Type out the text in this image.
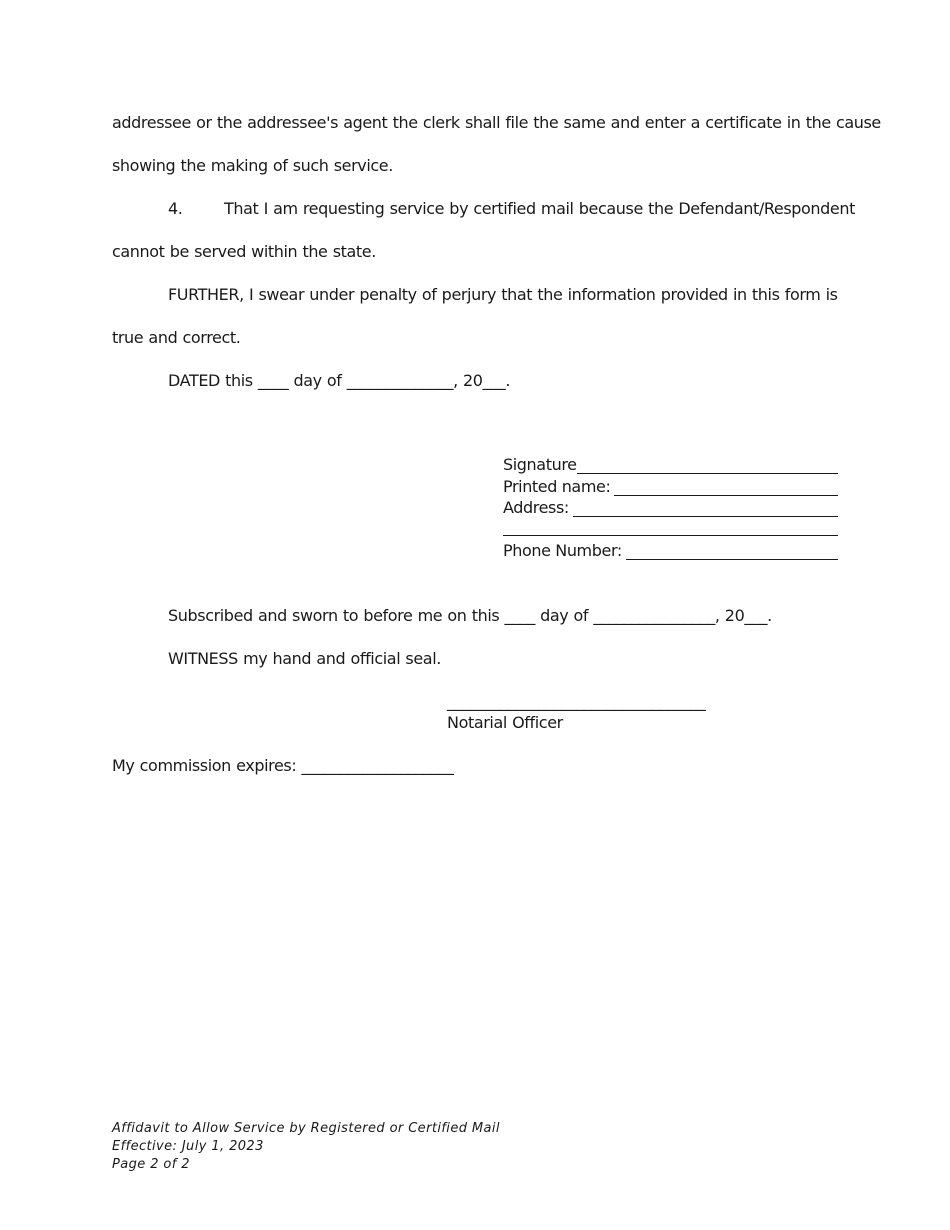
addressee or the addressee's agent the clerk shall file the same and enter a certificate in the cause
showing the making of such service.
4.	That I am requesting service by certified mail because the Defendant/Respondent
cannot be served within the state.
FURTHER, I swear under penalty of perjury that the information provided in this form is
true and correct.
DATED this ____ day of ______________, 20___.
Signature
Printed name:
Address:
Phone Number:
Subscribed and sworn to before me on this ____ day of ________________, 20___.
WITNESS my hand and official seal.
__________________________________
Notarial Officer
My commission expires: ____________________
Affidavit to Allow Service by Registered or Certified Mail
Effective: July 1, 2023
Page 2 of 2
